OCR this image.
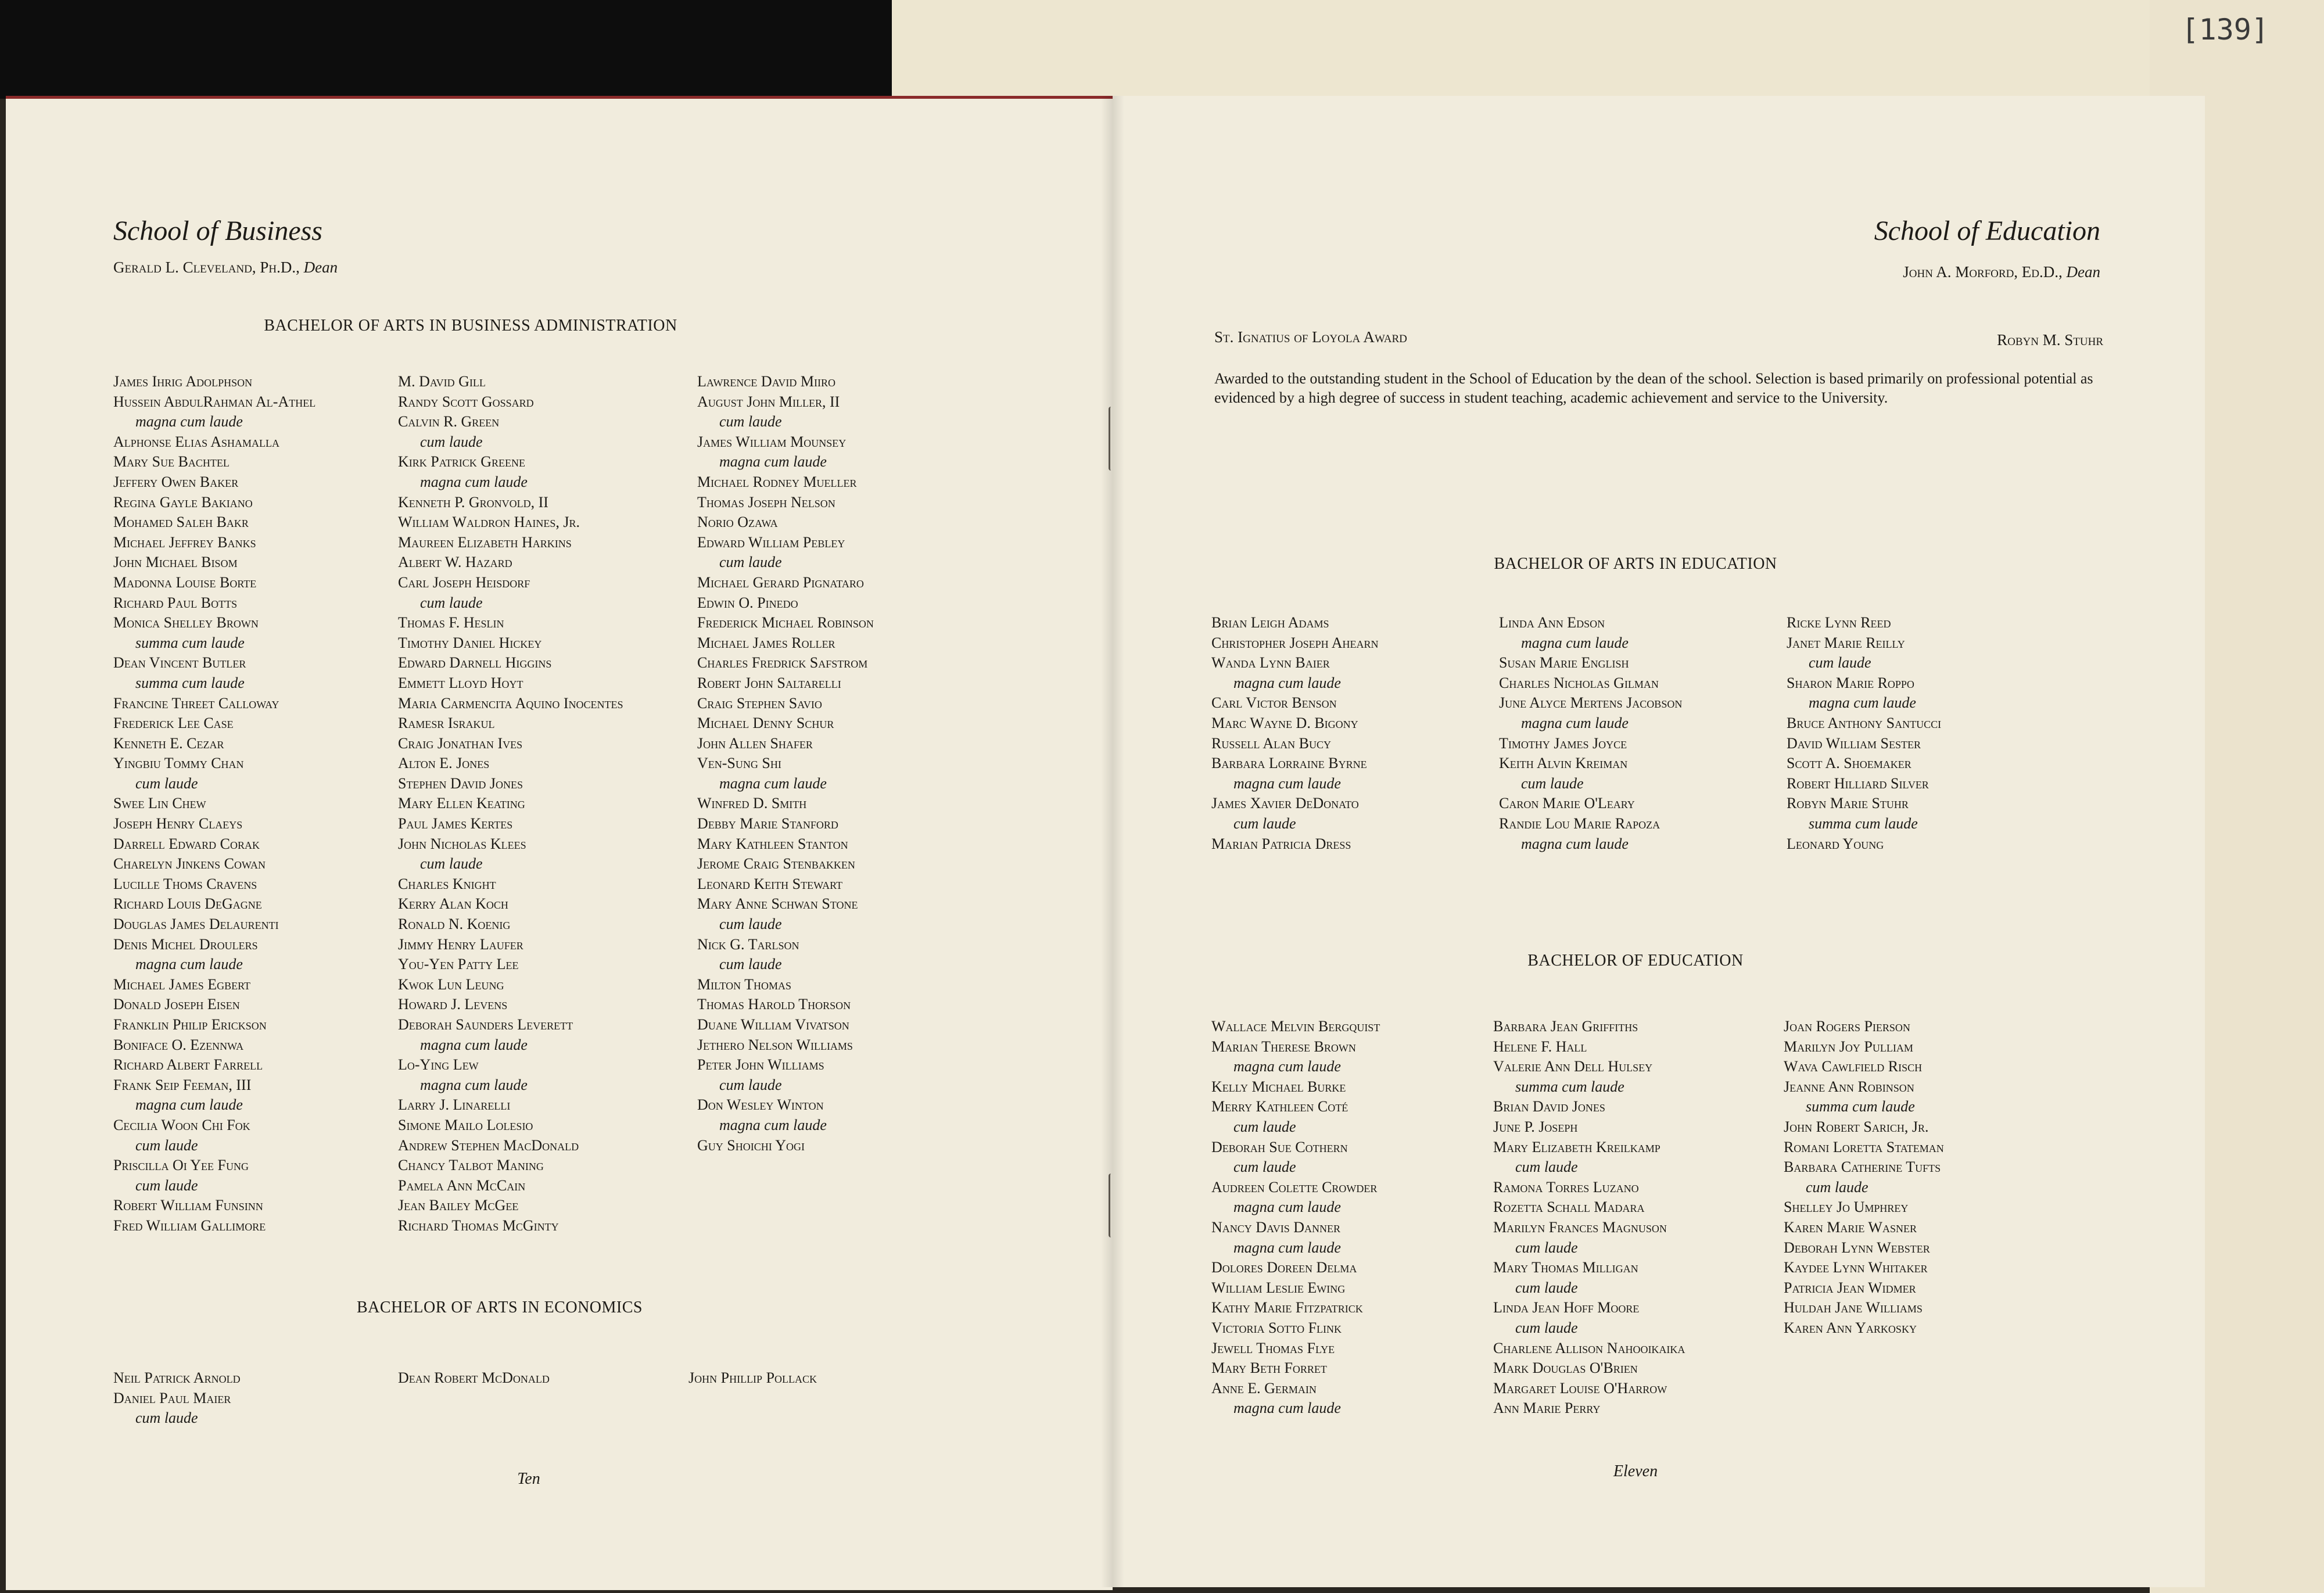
[139]
School of Business
Gerald L. Cleveland, Ph.D., Dean
BACHELOR OF ARTS IN BUSINESS ADMINISTRATION
James Ihrig Adolphson
Hussein AbdulRahman Al-Athel
magna cum laude
Alphonse Elias Ashamalla
Mary Sue Bachtel
Jeffery Owen Baker
Regina Gayle Bakiano
Mohamed Saleh Bakr
Michael Jeffrey Banks
John Michael Bisom
Madonna Louise Borte
Richard Paul Botts
Monica Shelley Brown
summa cum laude
Dean Vincent Butler
summa cum laude
Francine Threet Calloway
Frederick Lee Case
Kenneth E. Cezar
Yingbiu Tommy Chan
cum laude
Swee Lin Chew
Joseph Henry Claeys
Darrell Edward Corak
Charelyn Jinkens Cowan
Lucille Thoms Cravens
Richard Louis DeGagne
Douglas James Delaurenti
Denis Michel Droulers
magna cum laude
Michael James Egbert
Donald Joseph Eisen
Franklin Philip Erickson
Boniface O. Ezennwa
Richard Albert Farrell
Frank Seip Feeman, III
magna cum laude
Cecilia Woon Chi Fok
cum laude
Priscilla Oi Yee Fung
cum laude
Robert William Funsinn
Fred William Gallimore
M. David Gill
Randy Scott Gossard
Calvin R. Green
cum laude
Kirk Patrick Greene
magna cum laude
Kenneth P. Gronvold, II
William Waldron Haines, Jr.
Maureen Elizabeth Harkins
Albert W. Hazard
Carl Joseph Heisdorf
cum laude
Thomas F. Heslin
Timothy Daniel Hickey
Edward Darnell Higgins
Emmett Lloyd Hoyt
Maria Carmencita Aquino Inocentes
Ramesr Israkul
Craig Jonathan Ives
Alton E. Jones
Stephen David Jones
Mary Ellen Keating
Paul James Kertes
John Nicholas Klees
cum laude
Charles Knight
Kerry Alan Koch
Ronald N. Koenig
Jimmy Henry Laufer
You-Yen Patty Lee
Kwok Lun Leung
Howard J. Levens
Deborah Saunders Leverett
magna cum laude
Lo-Ying Lew
magna cum laude
Larry J. Linarelli
Simone Mailo Lolesio
Andrew Stephen MacDonald
Chancy Talbot Maning
Pamela Ann McCain
Jean Bailey McGee
Richard Thomas McGinty
Lawrence David Miiro
August John Miller, II
cum laude
James William Mounsey
magna cum laude
Michael Rodney Mueller
Thomas Joseph Nelson
Norio Ozawa
Edward William Pebley
cum laude
Michael Gerard Pignataro
Edwin O. Pinedo
Frederick Michael Robinson
Michael James Roller
Charles Fredrick Safstrom
Robert John Saltarelli
Craig Stephen Savio
Michael Denny Schur
John Allen Shafer
Ven-Sung Shi
magna cum laude
Winfred D. Smith
Debby Marie Stanford
Mary Kathleen Stanton
Jerome Craig Stenbakken
Leonard Keith Stewart
Mary Anne Schwan Stone
cum laude
Nick G. Tarlson
cum laude
Milton Thomas
Thomas Harold Thorson
Duane William Vivatson
Jethero Nelson Williams
Peter John Williams
cum laude
Don Wesley Winton
magna cum laude
Guy Shoichi Yogi
BACHELOR OF ARTS IN ECONOMICS
Neil Patrick Arnold
Daniel Paul Maier
cum laude
Dean Robert McDonald	John Phillip Pollack
Ten
School of Education
John A. Morford, Ed.D., Dean
St. Ignatius of Loyola Award	Robyn M. Stuhr
Awarded to the outstanding student in the School of Education by the dean of the school. Selection is based primarily on professional potential as evidenced by a high degree of success in student teaching, academic achievement and service to the University.
BACHELOR OF ARTS IN EDUCATION
Brian Leigh Adams
Christopher Joseph Ahearn
Wanda Lynn Baier
magna cum laude
Carl Victor Benson
Marc Wayne D. Bigony
Russell Alan Bucy
Barbara Lorraine Byrne
magna cum laude
James Xavier DeDonato
cum laude
Marian Patricia Dress
Linda Ann Edson
magna cum laude
Susan Marie English
Charles Nicholas Gilman
June Alyce Mertens Jacobson
magna cum laude
Timothy James Joyce
Keith Alvin Kreiman
cum laude
Caron Marie O'Leary
Randie Lou Marie Rapoza
magna cum laude
Ricke Lynn Reed
Janet Marie Reilly
cum laude
Sharon Marie Roppo
magna cum laude
Bruce Anthony Santucci
David William Sester
Scott A. Shoemaker
Robert Hilliard Silver
Robyn Marie Stuhr
summa cum laude
Leonard Young
BACHELOR OF EDUCATION
Wallace Melvin Bergquist
Marian Therese Brown
magna cum laude
Kelly Michael Burke
Merry Kathleen Coté
cum laude
Deborah Sue Cothern
cum laude
Audreen Colette Crowder
magna cum laude
Nancy Davis Danner
magna cum laude
Dolores Doreen Delma
William Leslie Ewing
Kathy Marie Fitzpatrick
Victoria Sotto Flink
Jewell Thomas Flye
Mary Beth Forret
Anne E. Germain
magna cum laude
Barbara Jean Griffiths
Helene F. Hall
Valerie Ann Dell Hulsey
summa cum laude
Brian David Jones
June P. Joseph
Mary Elizabeth Kreilkamp
cum laude
Ramona Torres Luzano
Rozetta Schall Madara
Marilyn Frances Magnuson
cum laude
Mary Thomas Milligan
cum laude
Linda Jean Hoff Moore
cum laude
Charlene Allison Nahooikaika
Mark Douglas O'Brien
Margaret Louise O'Harrow
Ann Marie Perry
Joan Rogers Pierson
Marilyn Joy Pulliam
Wava Cawlfield Risch
Jeanne Ann Robinson
summa cum laude
John Robert Sarich, Jr.
Romani Loretta Stateman
Barbara Catherine Tufts
cum laude
Shelley Jo Umphrey
Karen Marie Wasner
Deborah Lynn Webster
Kaydee Lynn Whitaker
Patricia Jean Widmer
Huldah Jane Williams
Karen Ann Yarkosky
Eleven
